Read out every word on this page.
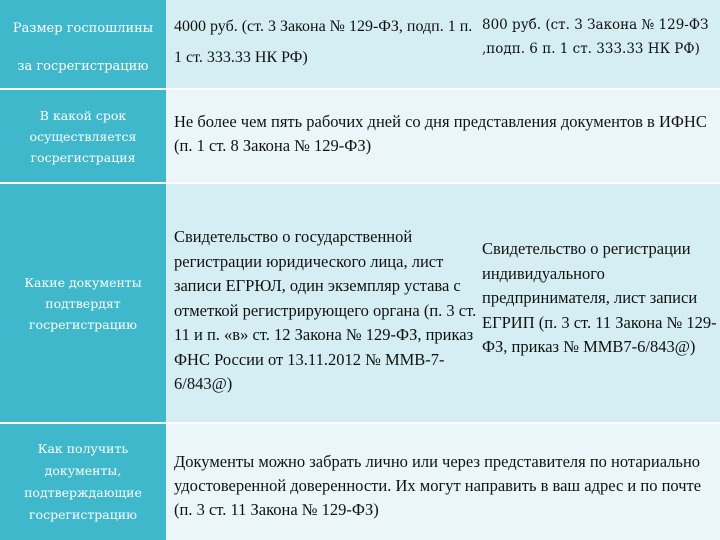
Размер госпошлины за госрегистрацию

4000 руб. (ст. 3 Закона № 129-ФЗ, подп. 1 п. 1 ст. 333.33 НК РФ)

800 руб. (ст. 3 Закона № 129-ФЗ ,подп. 6 п. 1 ст. 333.33 НК РФ)

В какой срок осуществляется госрегистрация

Не более чем пять рабочих дней со дня представления документов в ИФНС (п. 1 ст. 8 Закона № 129-ФЗ)

Какие документы подтвердят госрегистрацию

Свидетельство о государственной регистрации юридического лица, лист записи ЕГРЮЛ, один экземпляр устава с отметкой регистрирующего органа (п. 3 ст. 11 и п. «в» ст. 12 Закона № 129-ФЗ, приказ ФНС России от 13.11.2012 № ММВ-7-6/843@)

Свидетельство о регистрации индивидуального предпринимателя, лист записи ЕГРИП (п. 3 ст. 11 Закона № 129-ФЗ, приказ № ММВ7-6/843@)

Как получить документы, подтверждающие госрегистрацию

Документы можно забрать лично или через представителя по нотариально удостоверенной доверенности. Их могут направить в ваш адрес и по почте (п. 3 ст. 11 Закона № 129-ФЗ)
